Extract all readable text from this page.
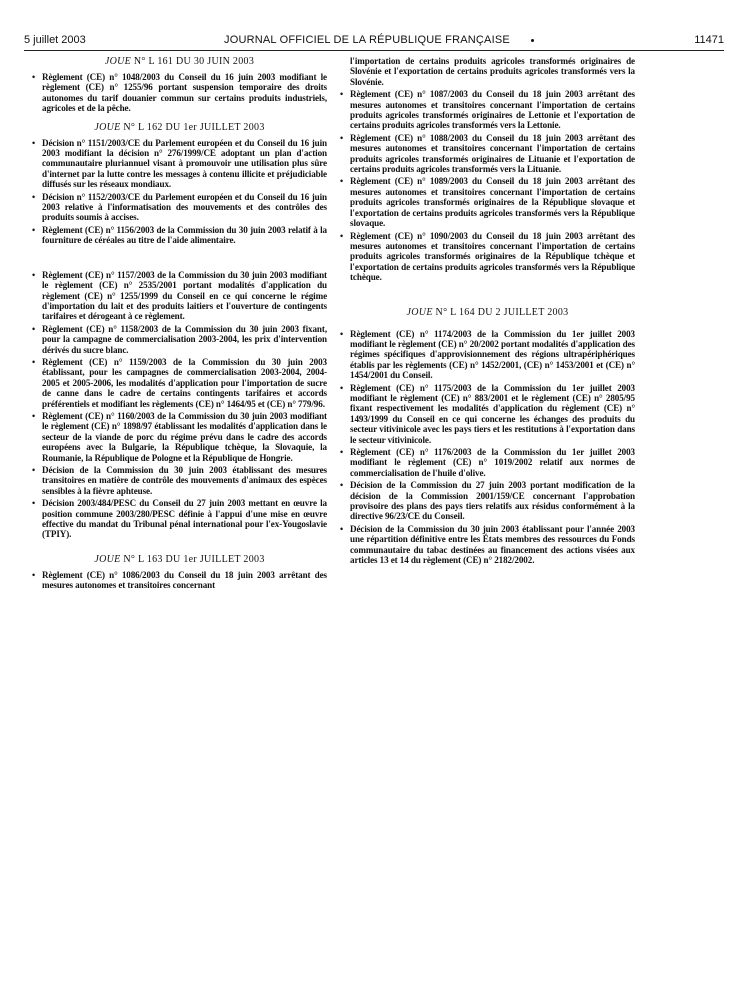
5 juillet 2003	JOURNAL OFFICIEL DE LA RÉPUBLIQUE FRANÇAISE	11471
JOUE N° L 161 DU 30 JUIN 2003

• Règlement (CE) n° 1048/2003 du Conseil du 16 juin 2003 modifiant le règlement (CE) n° 1255/96 portant suspension temporaire des droits autonomes du tarif douanier commun sur certains produits industriels, agricoles et de la pêche.

JOUE N° L 162 DU 1er JUILLET 2003

• Décision n° 1151/2003/CE du Parlement européen et du Conseil du 16 juin 2003 modifiant la décision n° 276/1999/CE adoptant un plan d'action communautaire pluriannuel visant à promouvoir une utilisation plus sûre d'internet par la lutte contre les messages à contenu illicite et préjudiciable diffusés sur les réseaux mondiaux.

• Décision n° 1152/2003/CE du Parlement européen et du Conseil du 16 juin 2003 relative à l'informatisation des mouvements et des contrôles des produits soumis à accises.

• Règlement (CE) n° 1156/2003 de la Commission du 30 juin 2003 relatif à la fourniture de céréales au titre de l'aide alimentaire.

• Règlement (CE) n° 1157/2003 de la Commission du 30 juin 2003 modifiant le règlement (CE) n° 2535/2001 portant modalités d'application du règlement (CE) n° 1255/1999 du Conseil en ce qui concerne le régime d'importation du lait et des produits laitiers et l'ouverture de contingents tarifaires et dérogeant à ce règlement.

• Règlement (CE) n° 1158/2003 de la Commission du 30 juin 2003 fixant, pour la campagne de commercialisation 2003-2004, les prix d'intervention dérivés du sucre blanc.

• Règlement (CE) n° 1159/2003 de la Commission du 30 juin 2003 établissant, pour les campagnes de commercialisation 2003-2004, 2004-2005 et 2005-2006, les modalités d'application pour l'importation de sucre de canne dans le cadre de certains contingents tarifaires et accords préférentiels et modifiant les règlements (CE) n° 1464/95 et (CE) n° 779/96.

• Règlement (CE) n° 1160/2003 de la Commission du 30 juin 2003 modifiant le règlement (CE) n° 1898/97 établissant les modalités d'application dans le secteur de la viande de porc du régime prévu dans le cadre des accords européens avec la Bulgarie, la République tchèque, la Slovaquie, la Roumanie, la République de Pologne et la République de Hongrie.

• Décision de la Commission du 30 juin 2003 établissant des mesures transitoires en matière de contrôle des mouvements d'animaux des espèces sensibles à la fièvre aphteuse.

• Décision 2003/484/PESC du Conseil du 27 juin 2003 mettant en œuvre la position commune 2003/280/PESC définie à l'appui d'une mise en œuvre effective du mandat du Tribunal pénal international pour l'ex-Yougoslavie (TPIY).

JOUE N° L 163 DU 1er JUILLET 2003

• Règlement (CE) n° 1086/2003 du Conseil du 18 juin 2003 arrêtant des mesures autonomes et transitoires concernant

l'importation de certains produits agricoles transformés originaires de Slovénie et l'exportation de certains produits agricoles transformés vers la Slovénie.

• Règlement (CE) n° 1087/2003 du Conseil du 18 juin 2003 arrêtant des mesures autonomes et transitoires concernant l'importation de certains produits agricoles transformés originaires de Lettonie et l'exportation de certains produits agricoles transformés vers la Lettonie.

• Règlement (CE) n° 1088/2003 du Conseil du 18 juin 2003 arrêtant des mesures autonomes et transitoires concernant l'importation de certains produits agricoles transformés originaires de Lituanie et l'exportation de certains produits agricoles transformés vers la Lituanie.

• Règlement (CE) n° 1089/2003 du Conseil du 18 juin 2003 arrêtant des mesures autonomes et transitoires concernant l'importation de certains produits agricoles transformés originaires de la République slovaque et l'exportation de certains produits agricoles transformés vers la République slovaque.

• Règlement (CE) n° 1090/2003 du Conseil du 18 juin 2003 arrêtant des mesures autonomes et transitoires concernant l'importation de certains produits agricoles transformés originaires de la République tchèque et l'exportation de certains produits agricoles transformés vers la République tchèque.

JOUE N° L 164 DU 2 JUILLET 2003

• Règlement (CE) n° 1174/2003 de la Commission du 1er juillet 2003 modifiant le règlement (CE) n° 20/2002 portant modalités d'application des régimes spécifiques d'approvisionnement des régions ultrapériphériques établis par les règlements (CE) n° 1452/2001, (CE) n° 1453/2001 et (CE) n° 1454/2001 du Conseil.

• Règlement (CE) n° 1175/2003 de la Commission du 1er juillet 2003 modifiant le règlement (CE) n° 883/2001 et le règlement (CE) n° 2805/95 fixant respectivement les modalités d'application du règlement (CE) n° 1493/1999 du Conseil en ce qui concerne les échanges des produits du secteur vitivinicole avec les pays tiers et les restitutions à l'exportation dans le secteur vitivinicole.

• Règlement (CE) n° 1176/2003 de la Commission du 1er juillet 2003 modifiant le règlement (CE) n° 1019/2002 relatif aux normes de commercialisation de l'huile d'olive.

• Décision de la Commission du 27 juin 2003 portant modification de la décision de la Commission 2001/159/CE concernant l'approbation provisoire des plans des pays tiers relatifs aux résidus conformément à la directive 96/23/CE du Conseil.

• Décision de la Commission du 30 juin 2003 établissant pour l'année 2003 une répartition définitive entre les États membres des ressources du Fonds communautaire du tabac destinées au financement des actions visées aux articles 13 et 14 du règlement (CE) n° 2182/2002.
